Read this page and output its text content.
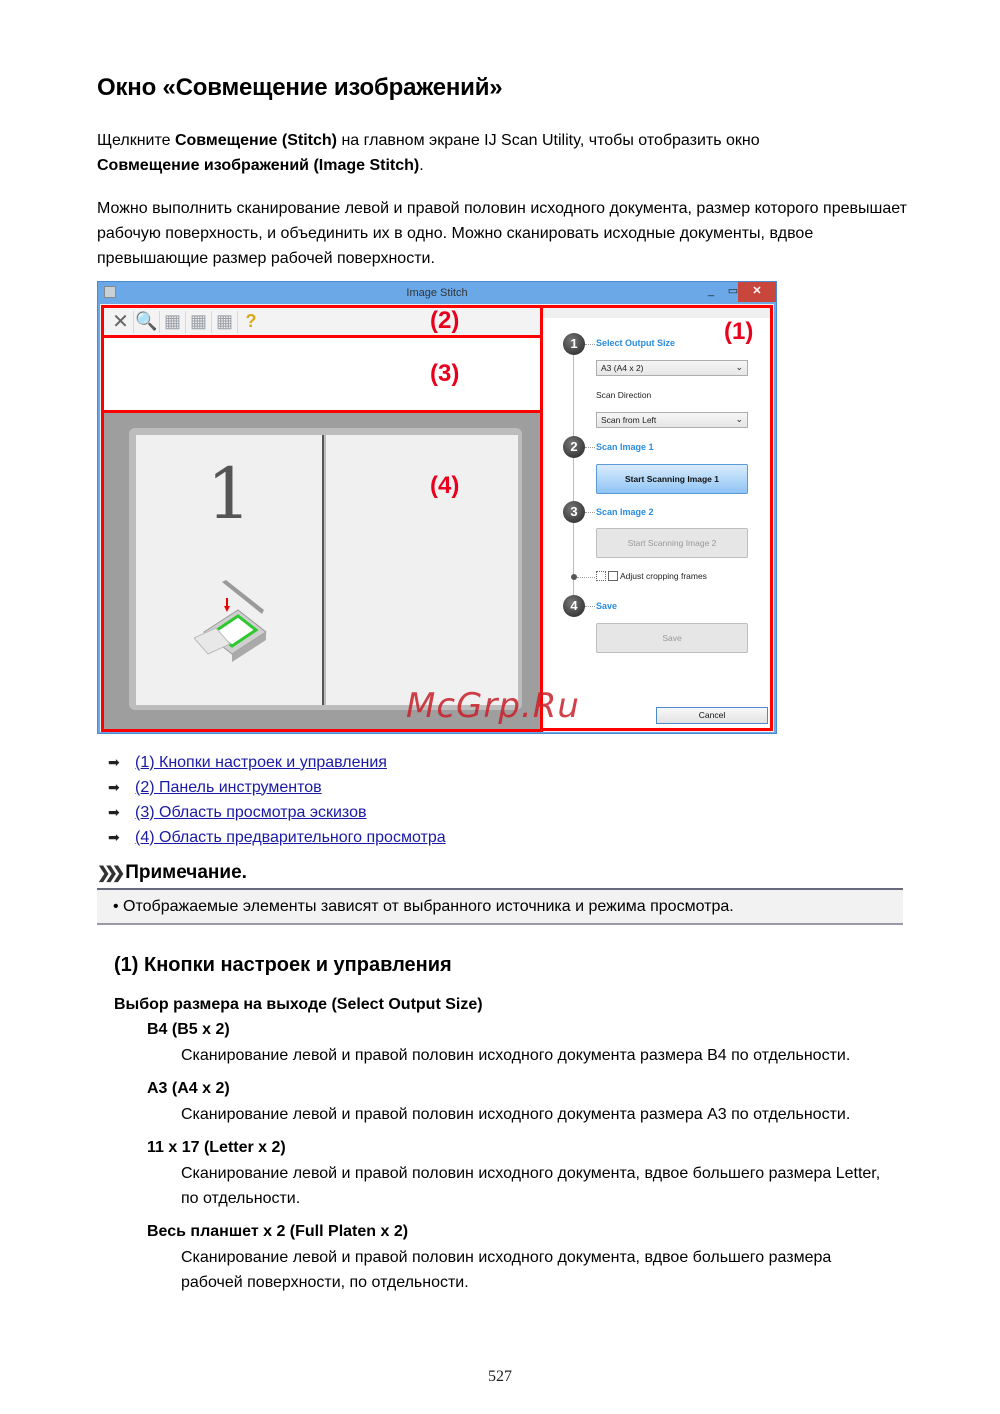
Окно «Совмещение изображений»
Щелкните Совмещение (Stitch) на главном экране IJ Scan Utility, чтобы отобразить окно
Совмещение изображений (Image Stitch).
Можно выполнить сканирование левой и правой половин исходного документа, размер которого превышает рабочую поверхность, и объединить их в одно. Можно сканировать исходные документы, вдвое превышающие размер рабочей поверхности.
Image Stitch	_	▭	✕
✕ 🔍 ▦ ▦ ▦ ?	(2)
(3)
1	(4)
1	Select Output Size
A3 (A4 x 2)	⌄
Scan Direction
Scan from Left	⌄
2	Scan Image 1
Start Scanning Image 1
3	Scan Image 2
Start Scanning Image 2
Adjust cropping frames
4	Save
Save
(1)
Cancel
McGrp.Ru
➡ (1) Кнопки настроек и управления
➡ (2) Панель инструментов
➡ (3) Область просмотра эскизов
➡ (4) Область предварительного просмотра
❯❯❯ Примечание.
• Отображаемые элементы зависят от выбранного источника и режима просмотра.
(1) Кнопки настроек и управления
Выбор размера на выходе (Select Output Size)
B4 (B5 x 2)
Сканирование левой и правой половин исходного документа размера B4 по отдельности.
A3 (A4 x 2)
Сканирование левой и правой половин исходного документа размера A3 по отдельности.
11 x 17 (Letter x 2)
Сканирование левой и правой половин исходного документа, вдвое большего размера Letter, по отдельности.
Весь планшет x 2 (Full Platen x 2)
Сканирование левой и правой половин исходного документа, вдвое большего размера рабочей поверхности, по отдельности.
527
